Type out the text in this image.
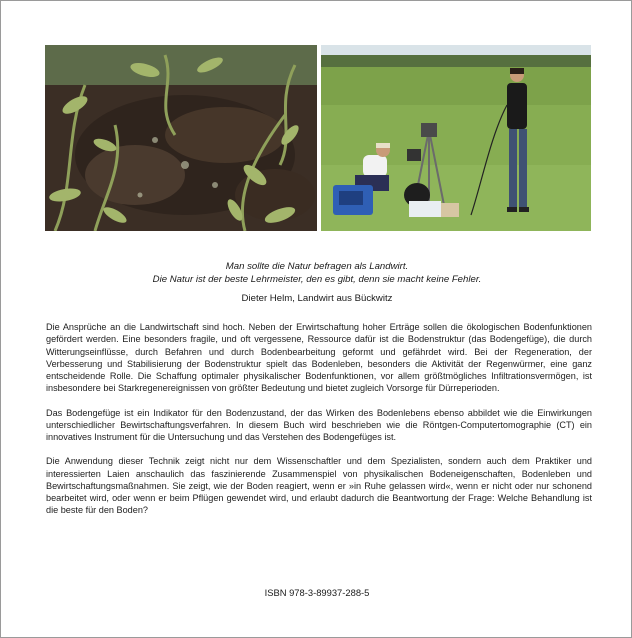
Man sollte die Natur befragen als Landwirt.

Die Natur ist der beste Lehrmeister, den es gibt, denn sie macht keine Fehler.

Dieter Helm, Landwirt aus Bückwitz

Die Ansprüche an die Landwirtschaft sind hoch. Neben der Erwirtschaftung hoher Erträge sollen die ökologischen Bodenfunktionen gefördert werden. Eine besonders fragile, und oft vergessene, Ressource dafür ist die Bodenstruktur (das Bodengefüge), die durch Witterungseinflüsse, durch Befahren und durch Bodenbearbeitung geformt und gefährdet wird. Bei der Regeneration, der Verbesserung und Stabilisierung der Bodenstruktur spielt das Bodenleben, besonders die Aktivität der Regenwürmer, eine ganz entscheidende Rolle. Die Schaffung optimaler physikalischer Bodenfunktionen, vor allem größtmögliches Infiltrationsvermögen, ist insbesondere bei Starkregenereignissen von größter Bedeutung und bietet zugleich Vorsorge für Dürreperioden.

Das Bodengefüge ist ein Indikator für den Bodenzustand, der das Wirken des Bodenlebens ebenso abbildet wie die Einwirkungen unterschiedlicher Bewirtschaftungsverfahren. In diesem Buch wird beschrieben wie die Röntgen-Computertomographie (CT) ein innovatives Instrument für die Untersuchung und das Verstehen des Bodengefüges ist.

Die Anwendung dieser Technik zeigt nicht nur dem Wissenschaftler und dem Spezialisten, sondern auch dem Praktiker und interessierten Laien anschaulich das faszinierende Zusammenspiel von physikalischen Bodeneigenschaften, Bodenleben und Bewirtschaftungsmaßnahmen. Sie zeigt, wie der Boden reagiert, wenn er »in Ruhe gelassen wird«, wenn er nicht oder nur schonend bearbeitet wird, oder wenn er beim Pflügen gewendet wird, und erlaubt dadurch die Beantwortung der Frage: Welche Behandlung ist die beste für den Boden?

ISBN 978-3-89937-288-5
